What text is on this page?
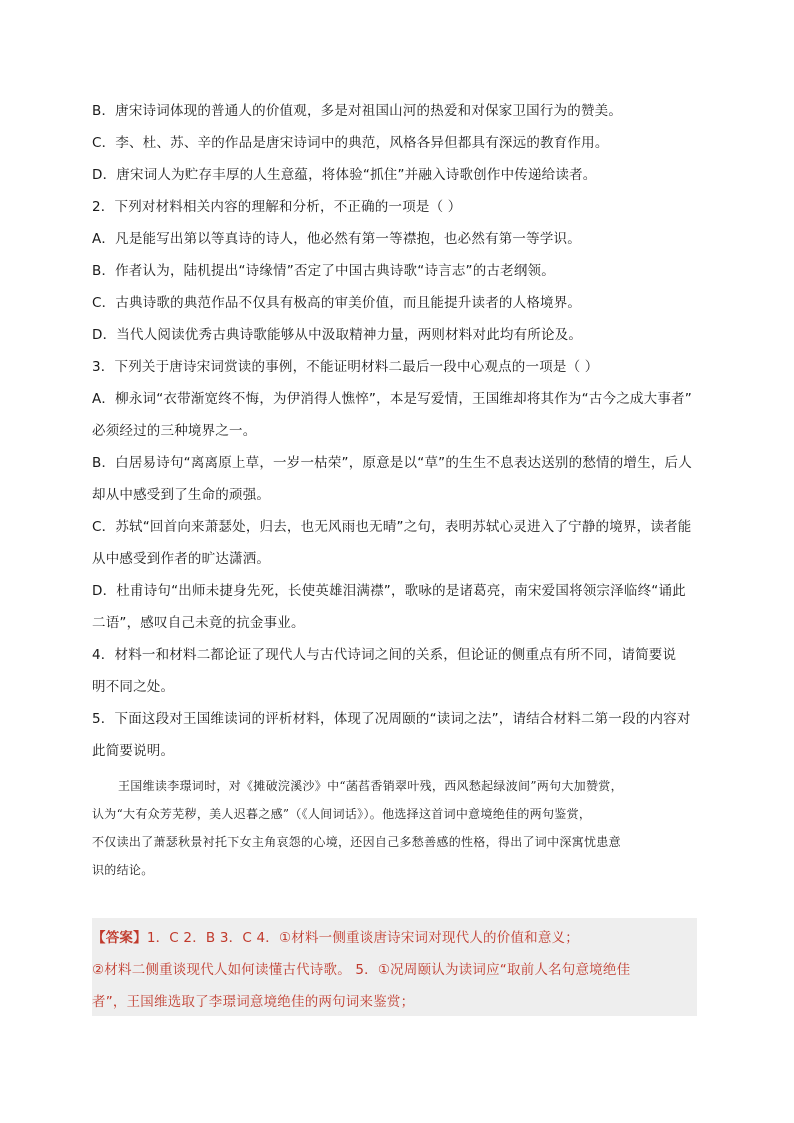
B．唐宋诗词体现的普通人的价值观，多是对祖国山河的热爱和对保家卫国行为的赞美。
C．李、杜、苏、辛的作品是唐宋诗词中的典范，风格各异但都具有深远的教育作用。
D．唐宋词人为贮存丰厚的人生意蕴，将体验“抓住”并融入诗歌创作中传递给读者。
2．下列对材料相关内容的理解和分析，不正确的一项是（ ）
A．凡是能写出第以等真诗的诗人，他必然有第一等襟抱，也必然有第一等学识。
B．作者认为，陆机提出“诗缘情”否定了中国古典诗歌“诗言志”的古老纲领。
C．古典诗歌的典范作品不仅具有极高的审美价值，而且能提升读者的人格境界。
D．当代人阅读优秀古典诗歌能够从中汲取精神力量，两则材料对此均有所论及。
3．下列关于唐诗宋词赏读的事例，不能证明材料二最后一段中心观点的一项是（ ）
A．柳永词“衣带渐宽终不悔，为伊消得人憔悴”，本是写爱情，王国维却将其作为“古今之成大事者”
必须经过的三种境界之一。
B．白居易诗句“离离原上草，一岁一枯荣”，原意是以“草”的生生不息表达送别的愁情的增生，后人
却从中感受到了生命的顽强。
C．苏轼“回首向来萧瑟处，归去，也无风雨也无晴”之句，表明苏轼心灵进入了宁静的境界，读者能
从中感受到作者的旷达潇洒。
D．杜甫诗句“出师未捷身先死，长使英雄泪满襟”，歌咏的是诸葛亮，南宋爱国将领宗泽临终“诵此
二语”，感叹自己未竟的抗金事业。
4．材料一和材料二都论证了现代人与古代诗词之间的关系，但论证的侧重点有所不同，请简要说
明不同之处。
5．下面这段对王国维读词的评析材料，体现了况周颐的“读词之法”，请结合材料二第一段的内容对
此简要说明。
王国维读李璟词时，对《摊破浣溪沙》中“菡萏香销翠叶残，西风愁起绿波间”两句大加赞赏，
认为“大有众芳芜秽，美人迟暮之感”（《人间词话》）。他选择这首词中意境绝佳的两句鉴赏，
不仅读出了萧瑟秋景衬托下女主角哀怨的心境，还因自己多愁善感的性格，得出了词中深寓忧患意
识的结论。
【答案】1．C 2．B 3．C 4．①材料一侧重谈唐诗宋词对现代人的价值和意义；
②材料二侧重谈现代人如何读懂古代诗歌。 5．①况周颐认为读词应“取前人名句意境绝佳
者”，王国维选取了李璟词意境绝佳的两句词来鉴赏；
